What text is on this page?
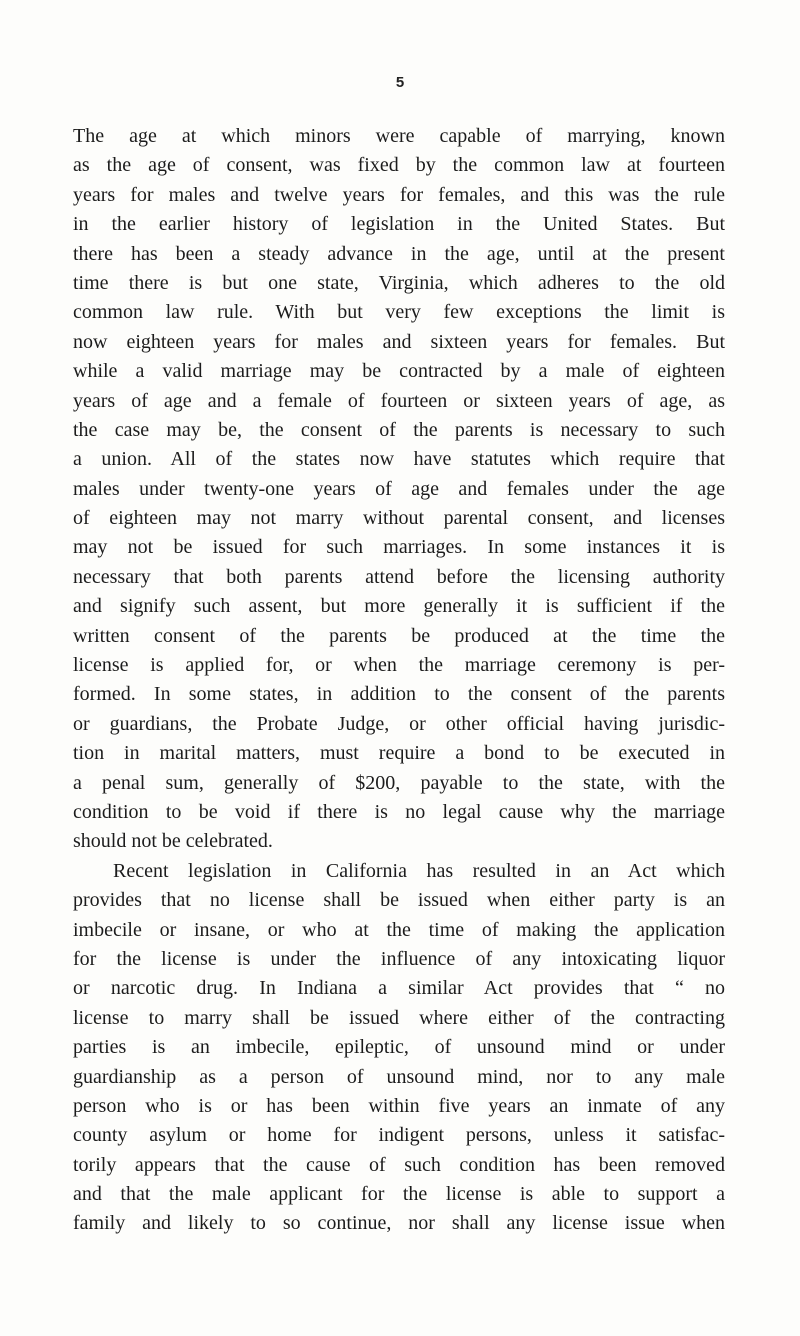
5
The age at which minors were capable of marrying, known
as the age of consent, was fixed by the common law at fourteen
years for males and twelve years for females, and this was the rule
in the earlier history of legislation in the United States. But
there has been a steady advance in the age, until at the present
time there is but one state, Virginia, which adheres to the old
common law rule. With but very few exceptions the limit is
now eighteen years for males and sixteen years for females. But
while a valid marriage may be contracted by a male of eighteen
years of age and a female of fourteen or sixteen years of age, as
the case may be, the consent of the parents is necessary to such
a union. All of the states now have statutes which require that
males under twenty-one years of age and females under the age
of eighteen may not marry without parental consent, and licenses
may not be issued for such marriages. In some instances it is
necessary that both parents attend before the licensing authority
and signify such assent, but more generally it is sufficient if the
written consent of the parents be produced at the time the
license is applied for, or when the marriage ceremony is per-
formed. In some states, in addition to the consent of the parents
or guardians, the Probate Judge, or other official having jurisdic-
tion in marital matters, must require a bond to be executed in
a penal sum, generally of $200, payable to the state, with the
condition to be void if there is no legal cause why the marriage
should not be celebrated.
Recent legislation in California has resulted in an Act which
provides that no license shall be issued when either party is an
imbecile or insane, or who at the time of making the application
for the license is under the influence of any intoxicating liquor
or narcotic drug. In Indiana a similar Act provides that “ no
license to marry shall be issued where either of the contracting
parties is an imbecile, epileptic, of unsound mind or under
guardianship as a person of unsound mind, nor to any male
person who is or has been within five years an inmate of any
county asylum or home for indigent persons, unless it satisfac-
torily appears that the cause of such condition has been removed
and that the male applicant for the license is able to support a
family and likely to so continue, nor shall any license issue when
